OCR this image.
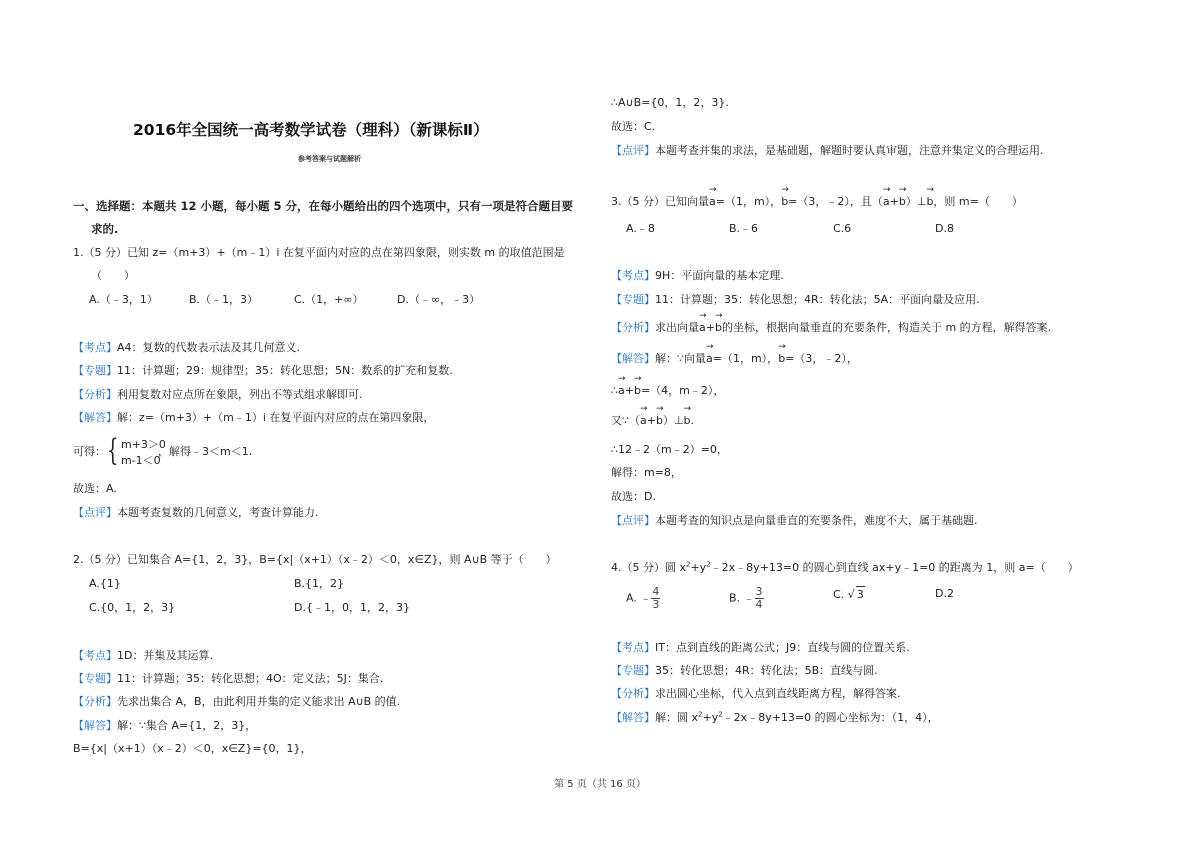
2016年全国统一高考数学试卷（理科）（新课标Ⅱ）
参考答案与试题解析
一、选择题：本题共 12 小题，每小题 5 分，在每小题给出的四个选项中，只有一项是符合题目要
求的.
1.（5 分）已知 z=（m+3）+（m﹣1）i 在复平面内对应的点在第四象限，则实数 m 的取值范围是
（　　）
A.（﹣3，1）	B.（﹣1，3）	C.（1，+∞）	D.（﹣∞，﹣3）
【考点】A4：复数的代数表示法及其几何意义.
【专题】11：计算题；29：规律型；35：转化思想；5N：数系的扩充和复数.
【分析】利用复数对应点所在象限，列出不等式组求解即可.
【解答】解：z=（m+3）+（m﹣1）i 在复平面内对应的点在第四象限，
可得： { m+3＞0
m-1＜0
，解得﹣3＜m＜1.
故选：A.
【点评】本题考查复数的几何意义，考查计算能力.
2.（5 分）已知集合 A={1，2，3}，B={x|（x+1）（x﹣2）＜0，x∈Z}，则 A∪B 等于（　　）
A.{1}	B.{1，2}
C.{0，1，2，3}	D.{﹣1，0，1，2，3}
【考点】1D：并集及其运算.
【专题】11：计算题；35：转化思想；4O：定义法；5J：集合.
【分析】先求出集合 A，B，由此利用并集的定义能求出 A∪B 的值.
【解答】解：∵集合 A={1，2，3}，
B={x|（x+1）（x﹣2）＜0，x∈Z}={0，1}，
∴A∪B={0，1，2，3}.
故选：C.
【点评】本题考查并集的求法，是基础题，解题时要认真审题，注意并集定义的合理运用.
3.（5 分）已知向量→ a=（1，m），→ b=（3，﹣2），且（→ a+→ b）⊥→ b，则 m=（　　）
A.﹣8	B.﹣6	C.6	D.8
【考点】9H：平面向量的基本定理.
【专题】11：计算题；35：转化思想；4R：转化法；5A：平面向量及应用.
【分析】求出向量→ a+→ b的坐标，根据向量垂直的充要条件，构造关于 m 的方程，解得答案.
【解答】解：∵向量→ a=（1，m），→ b=（3，﹣2），
∴→ a+→ b=（4，m﹣2），
又∵（→ a+→ b）⊥→ b.
∴12﹣2（m﹣2）=0，
解得：m=8，
故选：D.
【点评】本题考查的知识点是向量垂直的充要条件，难度不大，属于基础题.
4.（5 分）圆 $x^2+y^2﹣2x﹣8y+13=0$ 的圆心到直线 ax+y﹣1=0 的距离为 1，则 a=（　　）
A. ﹣ $\frac{4}{3}$	B. ﹣ $\frac{3}{4}$	C. √ 3	D.2
【考点】IT：点到直线的距离公式；J9：直线与圆的位置关系.
【专题】35：转化思想；4R：转化法；5B：直线与圆.
【分析】求出圆心坐标，代入点到直线距离方程，解得答案.
【解答】解：圆 $x^2+y^2﹣2x﹣8y+13=0$ 的圆心坐标为：（1，4），
第 5 页（共 16 页）
